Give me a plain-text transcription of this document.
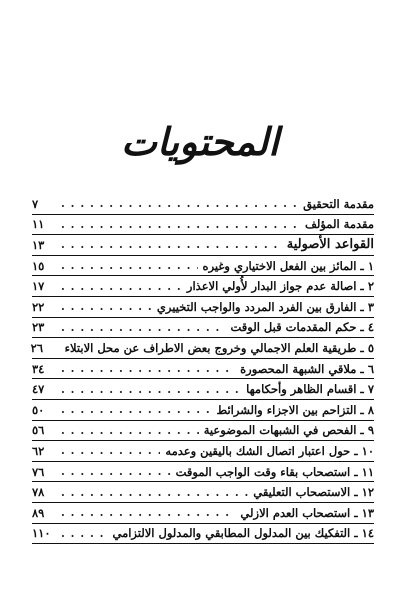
المحتويات
مقدمة التحقيق
. . .
٧
مقدمة المؤلف
. . .
١١
القواعد الأصولية
. . .
١٣
١ ـ المائز بين الفعل الاختياري وغيره
. . .
١٥
٢ ـ اصالة عدم جواز البدار لأُولي الاعذار
. . .
١٧
٣ ـ الفارق بين الفرد المردد والواجب التخييري
. . .
٢٢
٤ ـ حكم المقدمات قبل الوقت
. . .
٢٣
٥ ـ طريقية العلم الاجمالي وخروج بعض الاطراف عن محل الابتلاء
٢٦
٦ ـ ملاقي الشبهة المحصورة
. . .
٣٤
٧ ـ اقسام الظاهر وأحكامها
. . .
٤٧
٨ ـ التزاحم بين الاجزاء والشرائط
. . .
٥٠
٩ ـ الفحص في الشبهات الموضوعية
. . .
٥٦
١٠ ـ حول اعتبار اتصال الشك باليقين وعدمه
. . .
٦٢
١١ ـ استصحاب بقاء وقت الواجب الموقت
. . .
٧٦
١٢ ـ الاستصحاب التعليقي
. . .
٧٨
١٣ ـ استصحاب العدم الازلي
. . .
٨٩
١٤ ـ التفكيك بين المدلول المطابقي والمدلول الالتزامي
. . .
١١٠
